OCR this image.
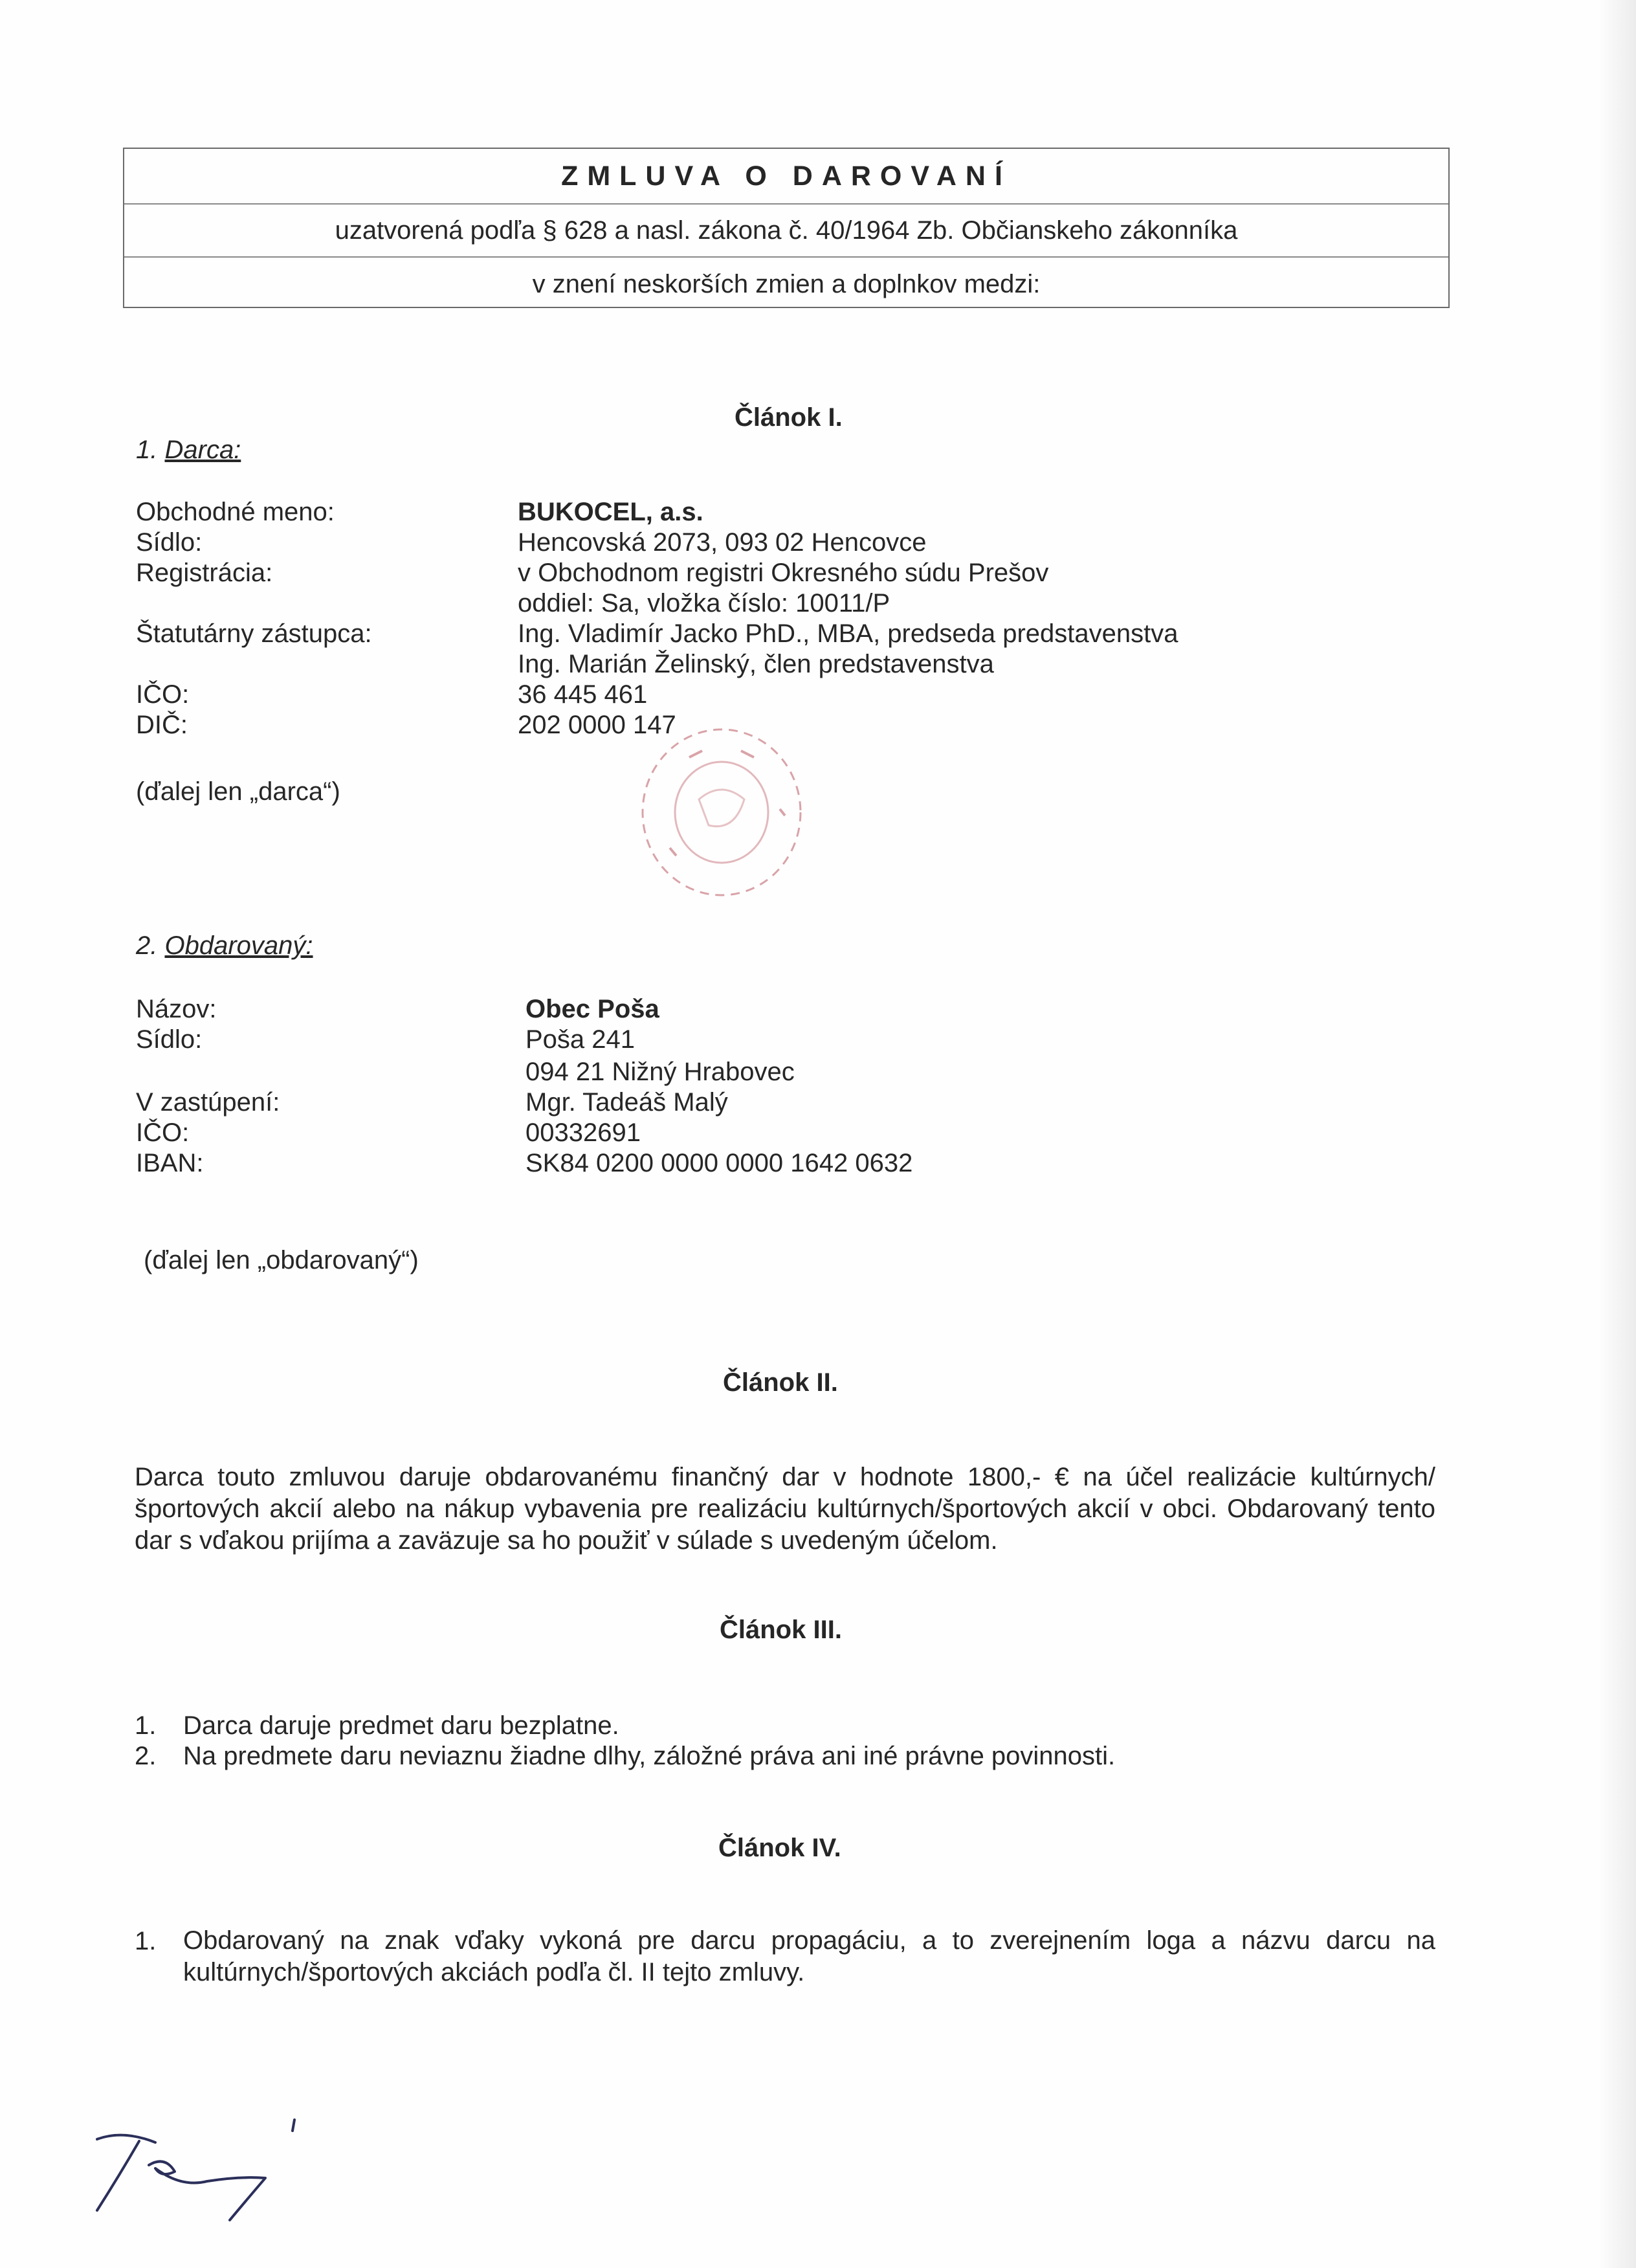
ZMLUVA O DAROVANÍ
uzatvorená podľa § 628 a nasl. zákona č. 40/1964 Zb. Občianskeho zákonníka
v znení neskorších zmien a doplnkov medzi:
Článok I.
1. Darca:
Obchodné meno:
Sídlo:
Registrácia:
Štatutárny zástupca:
IČO:
DIČ:
BUKOCEL, a.s.
Hencovská 2073, 093 02 Hencovce
v Obchodnom registri Okresného súdu Prešov
oddiel: Sa, vložka číslo: 10011/P
Ing. Vladimír Jacko PhD., MBA, predseda predstavenstva
Ing. Marián Želinský, člen predstavenstva
36 445 461
202 0000 147
(ďalej len „darca“)
2. Obdarovaný:
Názov:
Sídlo:
V zastúpení:
IČO:
IBAN:
Obec Poša
Poša 241
094 21 Nižný Hrabovec
Mgr. Tadeáš Malý
00332691
SK84 0200 0000 0000 1642 0632
(ďalej len „obdarovaný“)
Článok II.
Darca touto zmluvou daruje obdarovanému finančný dar v hodnote 1800,- € na účel realizácie kultúrnych/športových akcií alebo na nákup vybavenia pre realizáciu kultúrnych/športových akcií v obci. Obdarovaný tento dar s vďakou prijíma a zaväzuje sa ho použiť v súlade s uvedeným účelom.
Článok III.
1. Darca daruje predmet daru bezplatne.
2. Na predmete daru neviaznu žiadne dlhy, záložné práva ani iné právne povinnosti.
Článok IV.
1. Obdarovaný na znak vďaky vykoná pre darcu propagáciu, a to zverejnením loga a názvu darcu na kultúrnych/športových akciách podľa čl. II tejto zmluvy.
